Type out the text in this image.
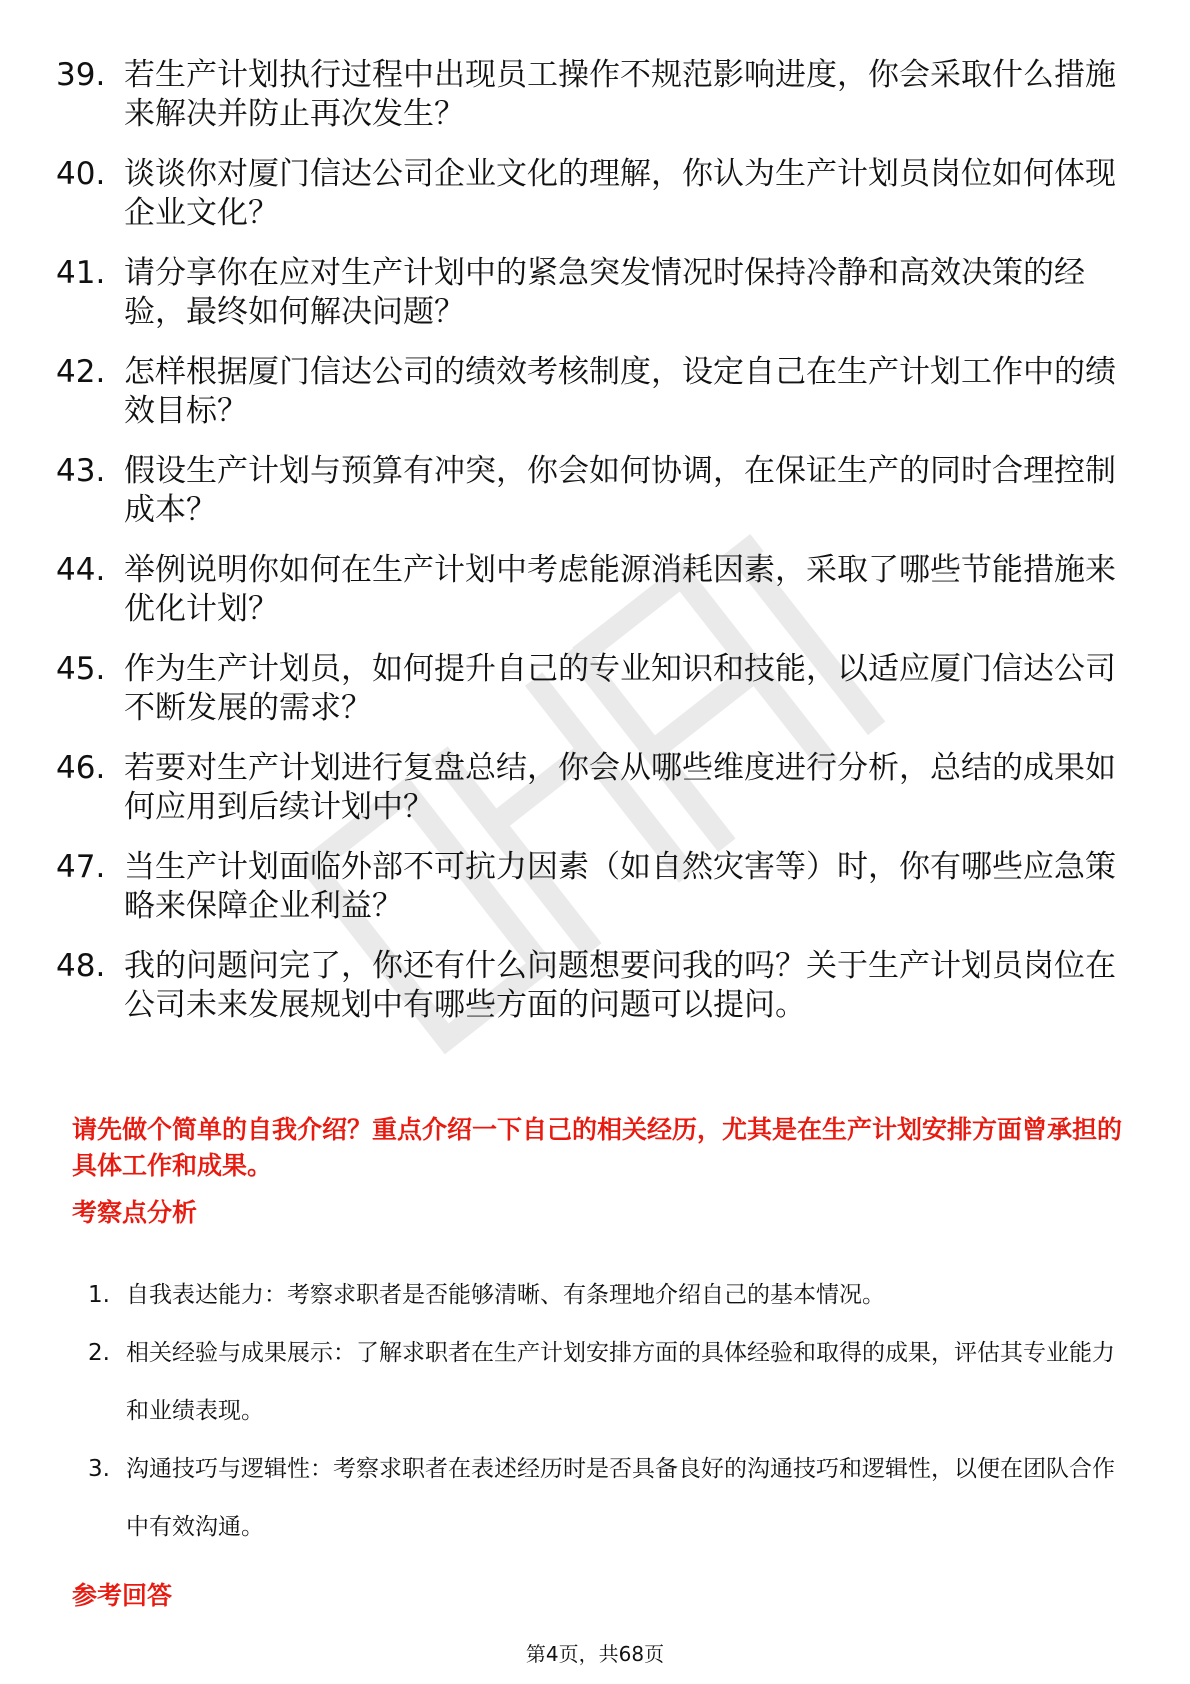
39. 若生产计划执行过程中出现员工操作不规范影响进度，你会采取什么措施来解决并防止再次发生？
40. 谈谈你对厦门信达公司企业文化的理解，你认为生产计划员岗位如何体现企业文化？
41. 请分享你在应对生产计划中的紧急突发情况时保持冷静和高效决策的经验，最终如何解决问题？
42. 怎样根据厦门信达公司的绩效考核制度，设定自己在生产计划工作中的绩效目标？
43. 假设生产计划与预算有冲突，你会如何协调，在保证生产的同时合理控制成本？
44. 举例说明你如何在生产计划中考虑能源消耗因素，采取了哪些节能措施来优化计划？
45. 作为生产计划员，如何提升自己的专业知识和技能，以适应厦门信达公司不断发展的需求？
46. 若要对生产计划进行复盘总结，你会从哪些维度进行分析，总结的成果如何应用到后续计划中？
47. 当生产计划面临外部不可抗力因素（如自然灾害等）时，你有哪些应急策略来保障企业利益？
48. 我的问题问完了，你还有什么问题想要问我的吗？关于生产计划员岗位在公司未来发展规划中有哪些方面的问题可以提问。

请先做个简单的自我介绍？重点介绍一下自己的相关经历，尤其是在生产计划安排方面曾承担的具体工作和成果。

考察点分析
1. 自我表达能力：考察求职者是否能够清晰、有条理地介绍自己的基本情况。
2. 相关经验与成果展示：了解求职者在生产计划安排方面的具体经验和取得的成果，评估其专业能力和业绩表现。
3. 沟通技巧与逻辑性：考察求职者在表述经历时是否具备良好的沟通技巧和逻辑性，以便在团队合作中有效沟通。
参考回答
第4页，共68页
